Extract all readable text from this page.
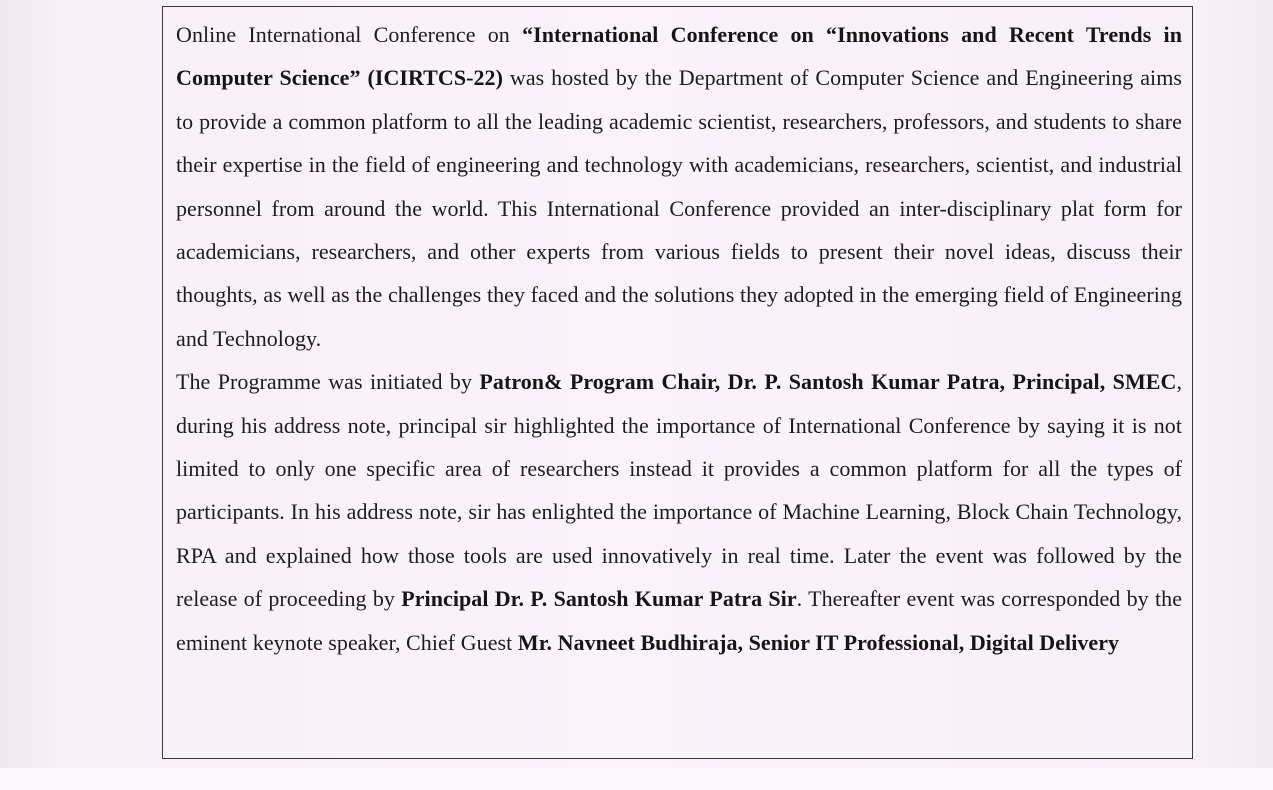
Online International Conference on “International Conference on “Innovations and Recent Trends in Computer Science” (ICIRTCS-22) was hosted by the Department of Computer Science and Engineering aims to provide a common platform to all the leading academic scientist, researchers, professors, and students to share their expertise in the field of engineering and technology with academicians, researchers, scientist, and industrial personnel from around the world. This International Conference provided an inter-disciplinary plat form for academicians, researchers, and other experts from various fields to present their novel ideas, discuss their thoughts, as well as the challenges they faced and the solutions they adopted in the emerging field of Engineering and Technology.

The Programme was initiated by Patron& Program Chair, Dr. P. Santosh Kumar Patra, Principal, SMEC, during his address note, principal sir highlighted the importance of International Conference by saying it is not limited to only one specific area of researchers instead it provides a common platform for all the types of participants. In his address note, sir has enlighted the importance of Machine Learning, Block Chain Technology, RPA and explained how those tools are used innovatively in real time. Later the event was followed by the release of proceeding by Principal Dr. P. Santosh Kumar Patra Sir. Thereafter event was corresponded by the eminent keynote speaker, Chief Guest Mr. Navneet Budhiraja, Senior IT Professional, Digital Delivery
